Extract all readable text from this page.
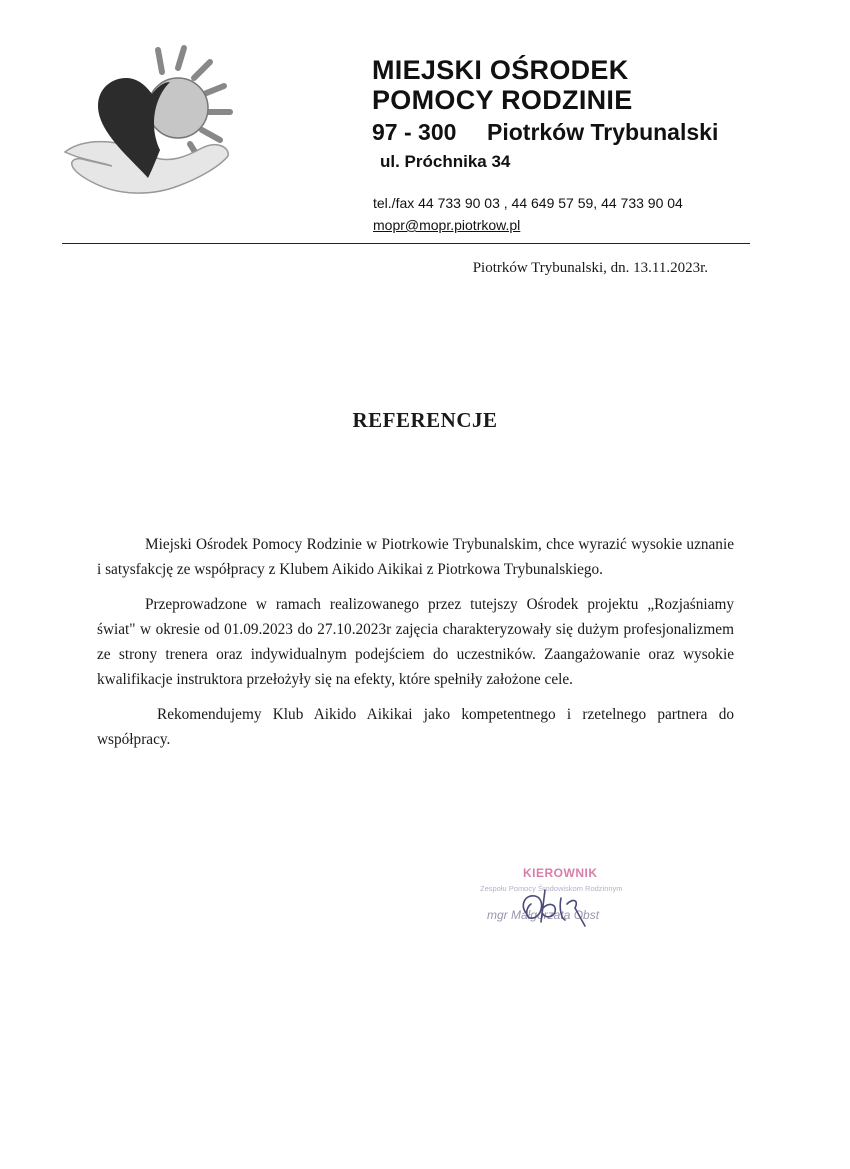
MIEJSKI OŚRODEK
POMOCY RODZINIE
97 - 300	Piotrków Trybunalski
ul. Próchnika 34
tel./fax 44 733 90 03 , 44 649 57 59, 44 733 90 04
mopr@mopr.piotrkow.pl
Piotrków Trybunalski, dn. 13.11.2023r.
REFERENCJE

Miejski Ośrodek Pomocy Rodzinie w Piotrkowie Trybunalskim, chce wyrazić wysokie uznanie i satysfakcję ze współpracy z Klubem Aikido Aikikai z Piotrkowa Trybunalskiego.

Przeprowadzone w ramach realizowanego przez tutejszy Ośrodek projektu „Rozjaśniamy świat" w okresie od 01.09.2023 do 27.10.2023r zajęcia charakteryzowały się dużym profesjonalizmem ze strony trenera oraz indywidualnym podejściem do uczestników. Zaangażowanie oraz wysokie kwalifikacje instruktora przełożyły się na efekty, które spełniły założone cele.

Rekomendujemy Klub Aikido Aikikai jako kompetentnego i rzetelnego partnera do współpracy.

KIEROWNIK
Zespołu Pomocy Środowiskom Rodzinnym
mgr Małgorzata Obst
